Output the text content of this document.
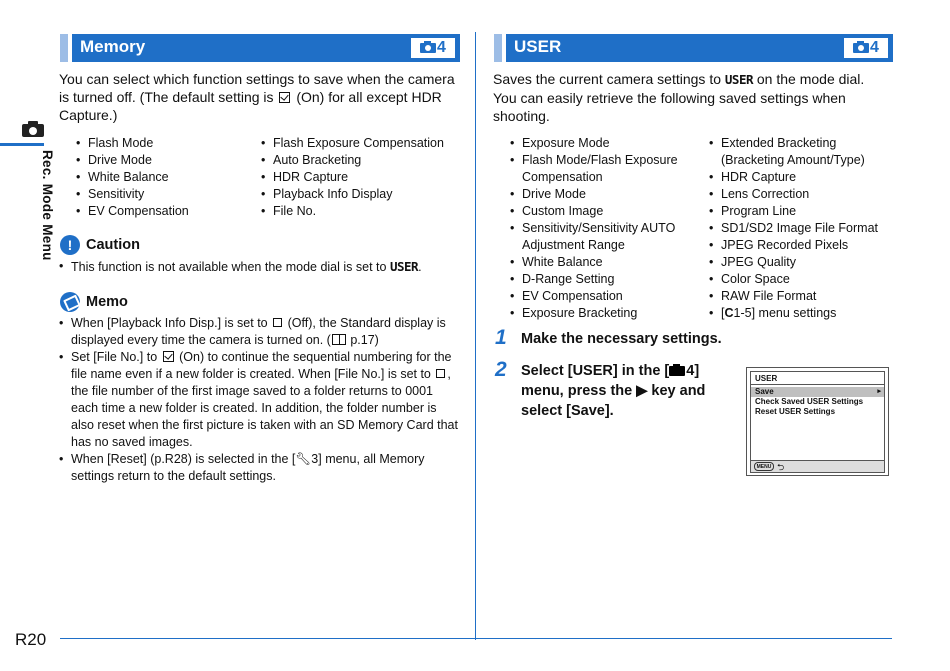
Rec. Mode Menu
R20
Memory	4
You can select which function settings to save when the camera is turned off. (The default setting is (On) for all except HDR Capture.)
• Flash Mode
• Drive Mode
• White Balance
• Sensitivity
• EV Compensation
• Flash Exposure Compensation
• Auto Bracketing
• HDR Capture
• Playback Info Display
• File No.
! Caution
• This function is not available when the mode dial is set to USER.
Memo
• When [Playback Info Disp.] is set to (Off), the Standard display is displayed every time the camera is turned on. ( p.17)
• Set [File No.] to (On) to continue the sequential numbering for the file name even if a new folder is created. When [File No.] is set to , the file number of the first image saved to a folder returns to 0001 each time a new folder is created. In addition, the folder number is also reset when the first picture is taken with an SD Memory Card that has no saved images.
• When [Reset] (p.R28) is selected in the [🔧︎3] menu, all Memory settings return to the default settings.
USER	4
Saves the current camera settings to USER on the mode dial. You can easily retrieve the following saved settings when shooting.
• Exposure Mode
• Flash Mode/Flash Exposure Compensation
• Drive Mode
• Custom Image
• Sensitivity/Sensitivity AUTO Adjustment Range
• White Balance
• D-Range Setting
• EV Compensation
• Exposure Bracketing
• Extended Bracketing (Bracketing Amount/Type)
• HDR Capture
• Lens Correction
• Program Line
• SD1/SD2 Image File Format
• JPEG Recorded Pixels
• JPEG Quality
• Color Space
• RAW File Format
• [C1-5] menu settings
1 Make the necessary settings.
2 Select [USER] in the [ 4] menu, press the ▶ key and select [Save].
USER
Save	▸
Check Saved USER Settings
Reset USER Settings
MENU ⮌
